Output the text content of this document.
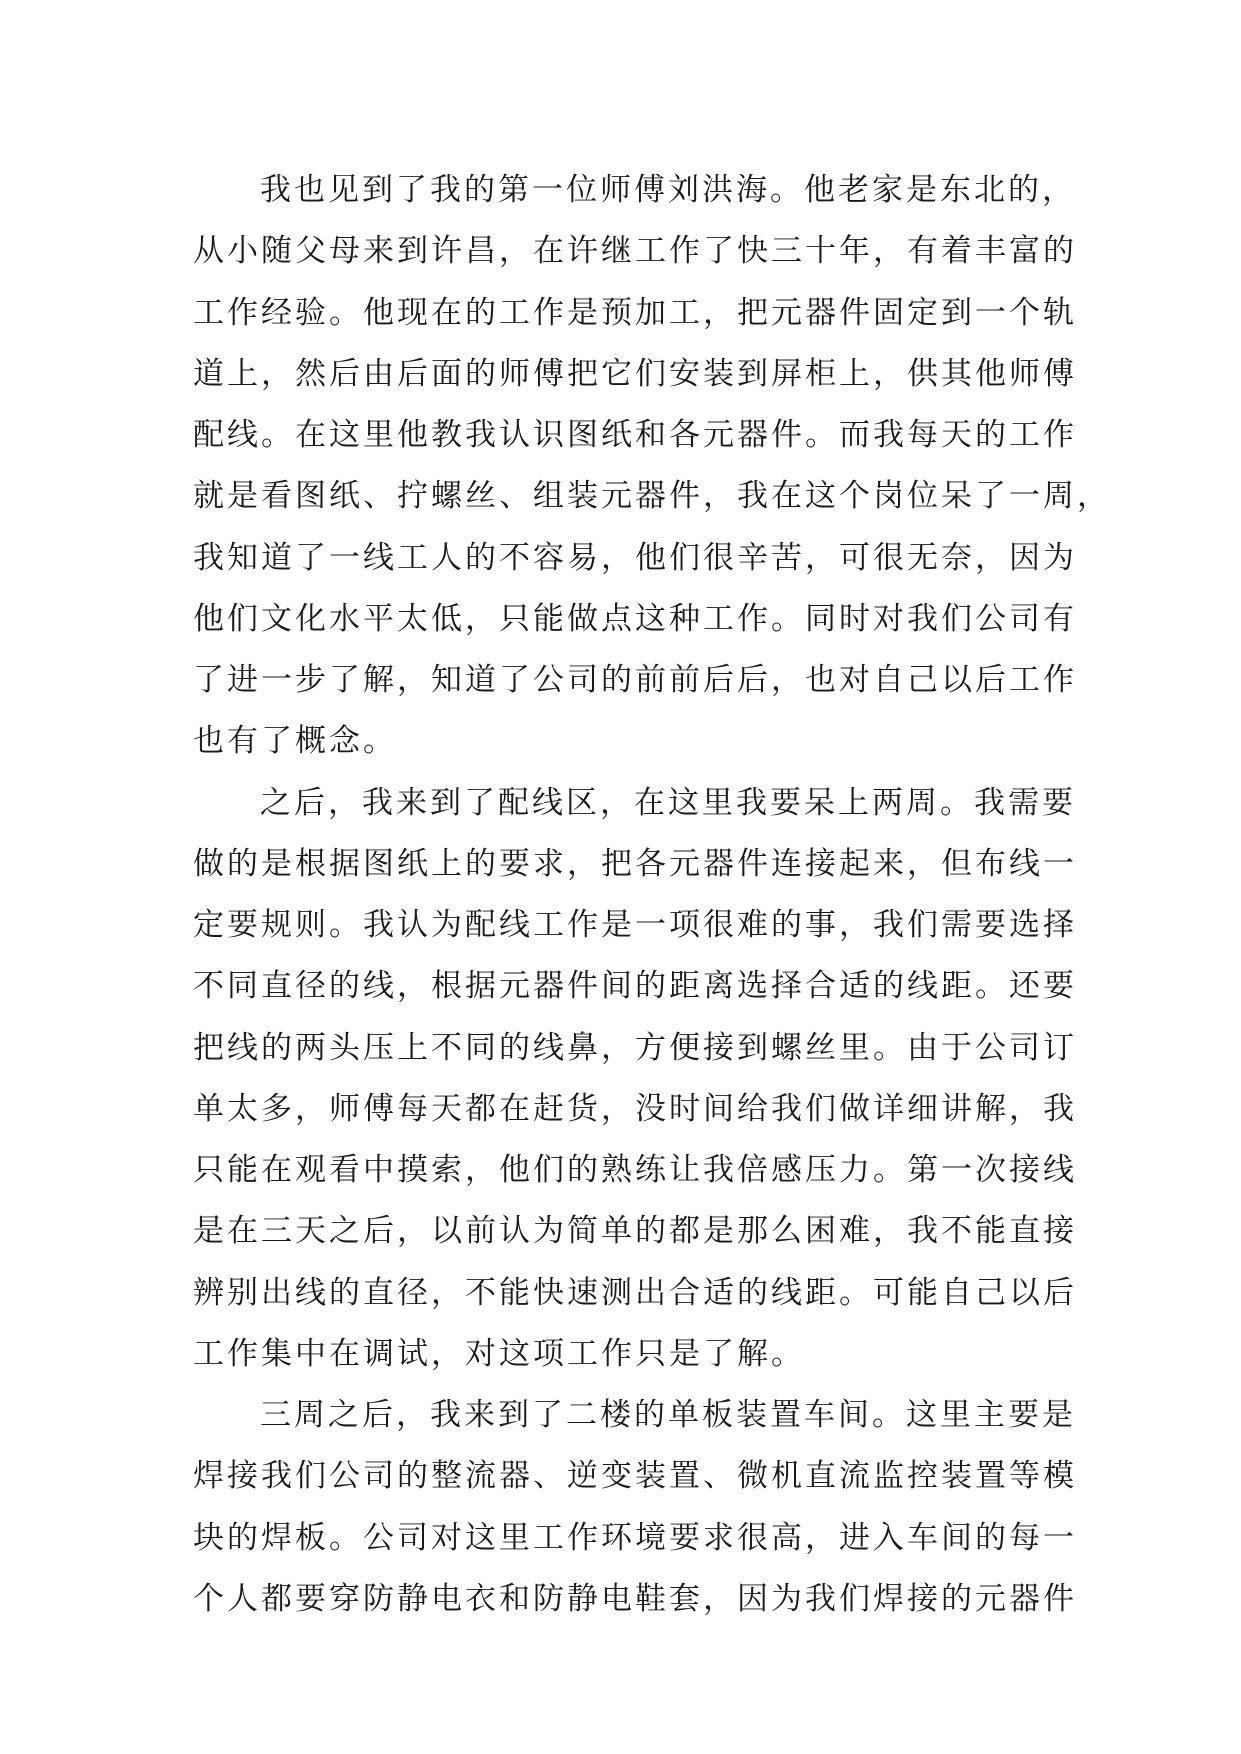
我也见到了我的第一位师傅刘洪海。他老家是东北的，
从小随父母来到许昌，在许继工作了快三十年，有着丰富的
工作经验。他现在的工作是预加工，把元器件固定到一个轨
道上，然后由后面的师傅把它们安装到屏柜上，供其他师傅
配线。在这里他教我认识图纸和各元器件。而我每天的工作
就是看图纸、拧螺丝、组装元器件，我在这个岗位呆了一周，
我知道了一线工人的不容易，他们很辛苦，可很无奈，因为
他们文化水平太低，只能做点这种工作。同时对我们公司有
了进一步了解，知道了公司的前前后后，也对自己以后工作
也有了概念。
之后，我来到了配线区，在这里我要呆上两周。我需要
做的是根据图纸上的要求，把各元器件连接起来，但布线一
定要规则。我认为配线工作是一项很难的事，我们需要选择
不同直径的线，根据元器件间的距离选择合适的线距。还要
把线的两头压上不同的线鼻，方便接到螺丝里。由于公司订
单太多，师傅每天都在赶货，没时间给我们做详细讲解，我
只能在观看中摸索，他们的熟练让我倍感压力。第一次接线
是在三天之后，以前认为简单的都是那么困难，我不能直接
辨别出线的直径，不能快速测出合适的线距。可能自己以后
工作集中在调试，对这项工作只是了解。
三周之后，我来到了二楼的单板装置车间。这里主要是
焊接我们公司的整流器、逆变装置、微机直流监控装置等模
块的焊板。公司对这里工作环境要求很高，进入车间的每一
个人都要穿防静电衣和防静电鞋套，因为我们焊接的元器件
